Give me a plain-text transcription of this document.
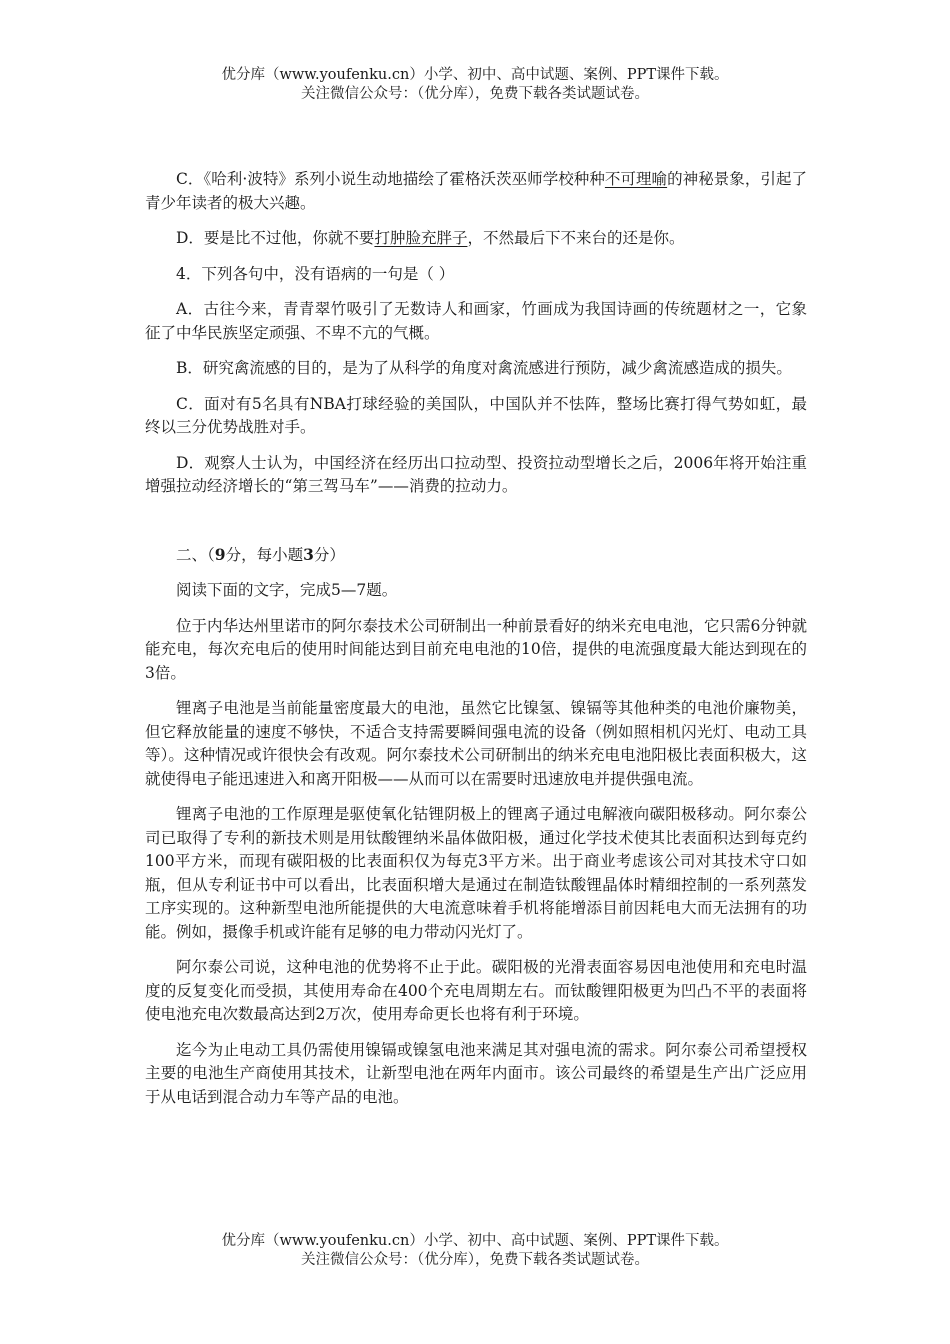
优分库（www.youfenku.cn）小学、初中、高中试题、案例、PPT课件下载。
关注微信公众号：（优分库），免费下载各类试题试卷。

C．《哈利·波特》系列小说生动地描绘了霍格沃茨巫师学校种种不可理喻的神秘景象，引起了青少年读者的极大兴趣。

D．要是比不过他，你就不要打肿脸充胖子，不然最后下不来台的还是你。

4．下列各句中，没有语病的一句是（ ）

A．古往今来，青青翠竹吸引了无数诗人和画家，竹画成为我国诗画的传统题材之一，它象征了中华民族坚定顽强、不卑不亢的气概。

B．研究禽流感的目的，是为了从科学的角度对禽流感进行预防，减少禽流感造成的损失。

C．面对有5名具有NBA打球经验的美国队，中国队并不怯阵，整场比赛打得气势如虹，最终以三分优势战胜对手。

D．观察人士认为，中国经济在经历出口拉动型、投资拉动型增长之后，2006年将开始注重增强拉动经济增长的“第三驾马车”——消费的拉动力。

二、（9分，每小题3分）

阅读下面的文字，完成5—7题。

位于内华达州里诺市的阿尔泰技术公司研制出一种前景看好的纳米充电电池，它只需6分钟就能充电，每次充电后的使用时间能达到目前充电电池的10倍，提供的电流强度最大能达到现在的3倍。

锂离子电池是当前能量密度最大的电池，虽然它比镍氢、镍镉等其他种类的电池价廉物美，但它释放能量的速度不够快，不适合支持需要瞬间强电流的设备（例如照相机闪光灯、电动工具等）。这种情况或许很快会有改观。阿尔泰技术公司研制出的纳米充电电池阳极比表面积极大，这就使得电子能迅速进入和离开阳极——从而可以在需要时迅速放电并提供强电流。

锂离子电池的工作原理是驱使氧化钴锂阴极上的锂离子通过电解液向碳阳极移动。阿尔泰公司已取得了专利的新技术则是用钛酸锂纳米晶体做阳极，通过化学技术使其比表面积达到每克约100平方米，而现有碳阳极的比表面积仅为每克3平方米。出于商业考虑该公司对其技术守口如瓶，但从专利证书中可以看出，比表面积增大是通过在制造钛酸锂晶体时精细控制的一系列蒸发工序实现的。这种新型电池所能提供的大电流意味着手机将能增添目前因耗电大而无法拥有的功能。例如，摄像手机或许能有足够的电力带动闪光灯了。

阿尔泰公司说，这种电池的优势将不止于此。碳阳极的光滑表面容易因电池使用和充电时温度的反复变化而受损，其使用寿命在400个充电周期左右。而钛酸锂阳极更为凹凸不平的表面将使电池充电次数最高达到2万次，使用寿命更长也将有利于环境。

迄今为止电动工具仍需使用镍镉或镍氢电池来满足其对强电流的需求。阿尔泰公司希望授权主要的电池生产商使用其技术，让新型电池在两年内面市。该公司最终的希望是生产出广泛应用于从电话到混合动力车等产品的电池。

优分库（www.youfenku.cn）小学、初中、高中试题、案例、PPT课件下载。
关注微信公众号：（优分库），免费下载各类试题试卷。
